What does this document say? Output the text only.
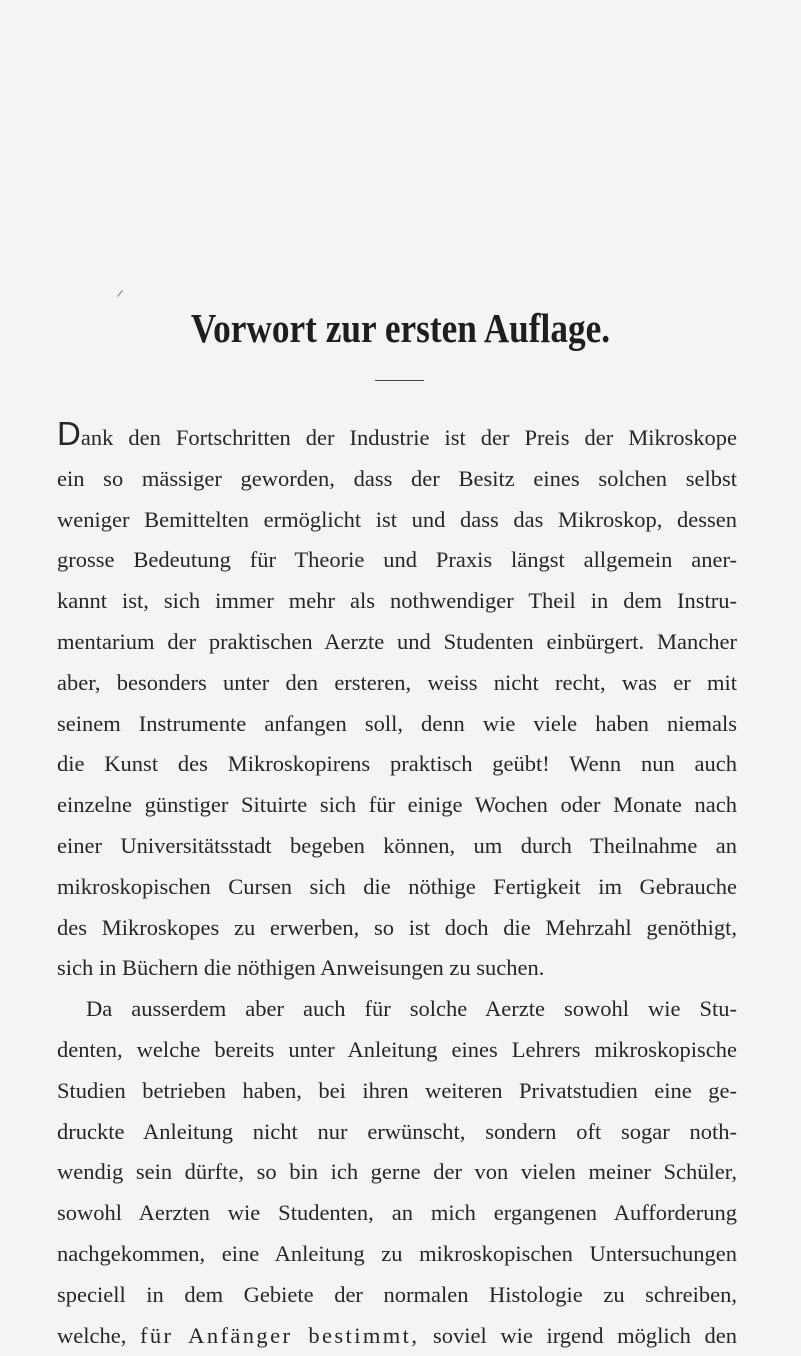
Vorwort zur ersten Auflage.
Dank den Fortschritten der Industrie ist der Preis der Mikroskope
ein so mässiger geworden, dass der Besitz eines solchen selbst
weniger Bemittelten ermöglicht ist und dass das Mikroskop, dessen
grosse Bedeutung für Theorie und Praxis längst allgemein aner-
kannt ist, sich immer mehr als nothwendiger Theil in dem Instru-
mentarium der praktischen Aerzte und Studenten einbürgert. Mancher
aber, besonders unter den ersteren, weiss nicht recht, was er mit
seinem Instrumente anfangen soll, denn wie viele haben niemals
die Kunst des Mikroskopirens praktisch geübt! Wenn nun auch
einzelne günstiger Situirte sich für einige Wochen oder Monate nach
einer Universitätsstadt begeben können, um durch Theilnahme an
mikroskopischen Cursen sich die nöthige Fertigkeit im Gebrauche
des Mikroskopes zu erwerben, so ist doch die Mehrzahl genöthigt,
sich in Büchern die nöthigen Anweisungen zu suchen.
Da ausserdem aber auch für solche Aerzte sowohl wie Stu-
denten, welche bereits unter Anleitung eines Lehrers mikroskopische
Studien betrieben haben, bei ihren weiteren Privatstudien eine ge-
druckte Anleitung nicht nur erwünscht, sondern oft sogar noth-
wendig sein dürfte, so bin ich gerne der von vielen meiner Schüler,
sowohl Aerzten wie Studenten, an mich ergangenen Aufforderung
nachgekommen, eine Anleitung zu mikroskopischen Untersuchungen
speciell in dem Gebiete der normalen Histologie zu schreiben,
welche, für Anfänger bestimmt, soviel wie irgend möglich den
